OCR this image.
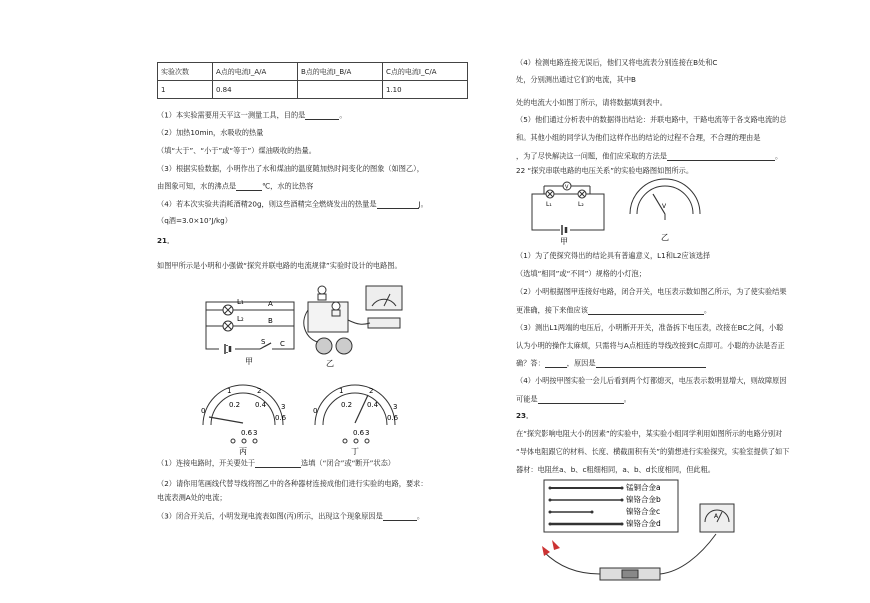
实验次数	A点的电流I_A/A	B点的电流I_B/A	C点的电流I_C/A
1	0.84		1.10
（1）本实验需要用天平这一测量工具，目的是	。
（2）加热10min，水吸收的热量
（填“大于”、“小于”或“等于”）煤油吸收的热量。
（3）根据实验数据，小明作出了水和煤油的温度随加热时间变化的图象（如图乙），
由图象可知，水的沸点是	℃，水的比热容
（4）若本次实验共消耗酒精20g，则这些酒精完全燃烧发出的热量是	J。
（q酒=3.0×10⁷J/kg）
21．
如图甲所示是小明和小强做“探究并联电路的电流规律”实验时设计的电路图。
L₁
L₂
A
B
C
S
甲	乙
0
1	2
3
0.2 0.4
0.6
0
1	2
3
0.2 0.4
0.6
0.6 3	0.6 3
丙	丁
（1）连接电路时，开关要处于	选填（“闭合”或“断开”状态）
（2）请你用笔画线代替导线将图乙中的各种器材连接成他们进行实验的电路，要求：
电流表测A处的电流；
（3）闭合开关后，小明发现电流表如图(丙)所示，出现这个现象原因是	。
（4）检测电路连接无误后，他们又将电流表分别连接在B处和C
处，分别测出通过它们的电流，其中B
处的电流大小如图丁所示，请将数据填到表中。
（5）他们通过分析表中的数据得出结论：并联电路中，干路电流等于各支路电流的总
和。其他小组的同学认为他们这样作出的结论的过程不合理，不合理的理由是
，为了尽快解决这一问题，他们应采取的方法是	。
22 “探究串联电路的电压关系”的实验电路图如图所示。
V
L₁	L₂
甲
V
乙
（1）为了使探究得出的结论具有普遍意义，L1和L2应该选择
（选填“相同”或“不同”）规格的小灯泡；
（2）小明根据图甲连接好电路，闭合开关，电压表示数如图乙所示，为了使实验结果
更准确，接下来他应该	。
（3）测出L1两端的电压后，小明断开开关，准备拆下电压表，改接在BC之间，小聪
认为小明的操作太麻烦，只需将与A点相连的导线改接到C点即可。小聪的办法是否正
确？答：	，原因是
（4）小明按甲图实验一会儿后看到两个灯都熄灭，电压表示数明显增大，则故障原因
可能是	。
23．
在“探究影响电阻大小的因素”的实验中，某实验小组同学利用如图所示的电路分别对
“导体电阻跟它的材料、长度、横截面积有关”的猜想进行实验探究，实验室提供了如下
器材：电阻丝a、b、c粗细相同，a、b、d长度相同，但此粗。
锰铜合金a
镍铬合金b
镍铬合金c
镍铬合金d
A
